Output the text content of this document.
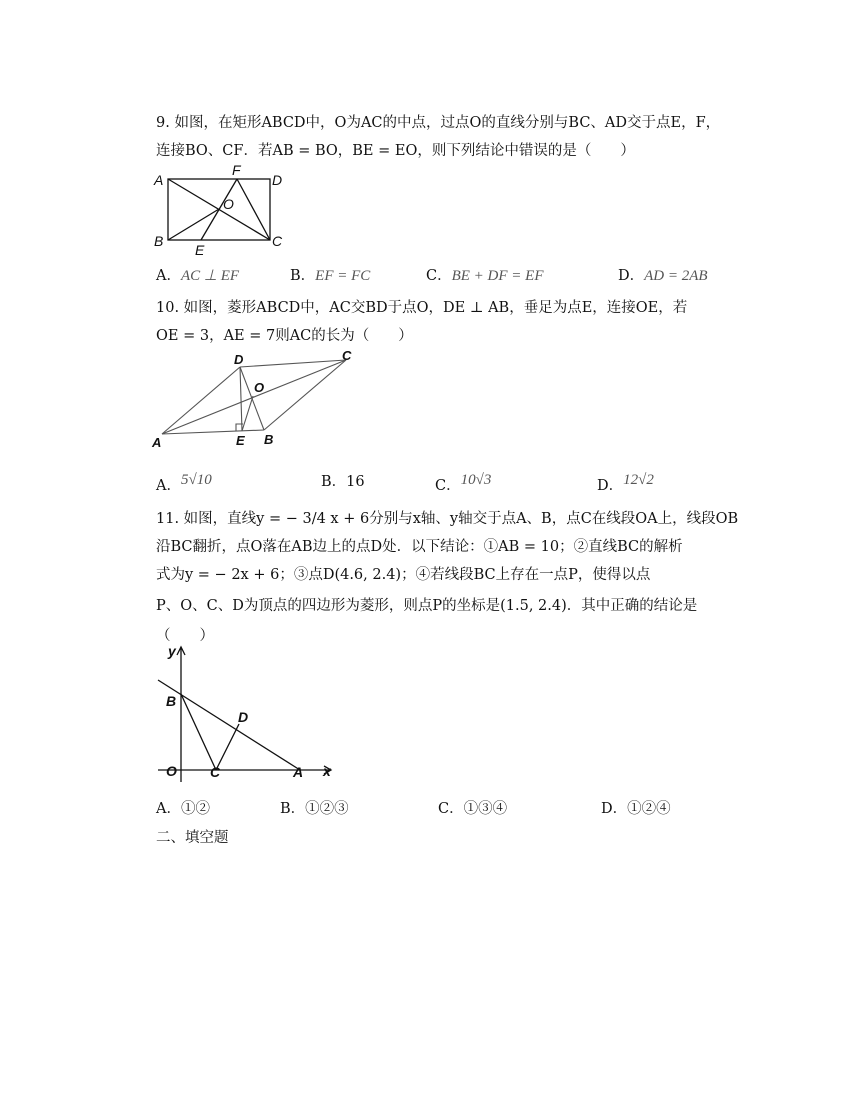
9. 如图，在矩形ABCD中，O为AC的中点，过点O的直线分别与BC、AD交于点E，F，
连接BO、CF．若AB = BO，BE = EO，则下列结论中错误的是（　　）
A	D
B	C
E
F
O
A．AC ⊥ EF	B．EF = FC	C．BE + DF = EF	D．AD = 2AB
10. 如图，菱形ABCD中，AC交BD于点O，DE ⊥ AB，垂足为点E，连接OE，若
OE = 3，AE = 7则AC的长为（　　）
A
D	C
B
E
O
A．5√10	B．16	C．10√3	D．12√2
11. 如图，直线y = − 3/4 x + 6分别与x轴、y轴交于点A、B，点C在线段OA上，线段OB
沿BC翻折，点O落在AB边上的点D处．以下结论：①AB = 10；②直线BC的解析
式为y = − 2x + 6；③点D(4.6, 2.4)；④若线段BC上存在一点P，使得以点
P、O、C、D为顶点的四边形为菱形，则点P的坐标是(1.5, 2.4)．其中正确的结论是
（　　）
y
x
O
B
C
D
A
A．①②	B．①②③	C．①③④	D．①②④
二、填空题
